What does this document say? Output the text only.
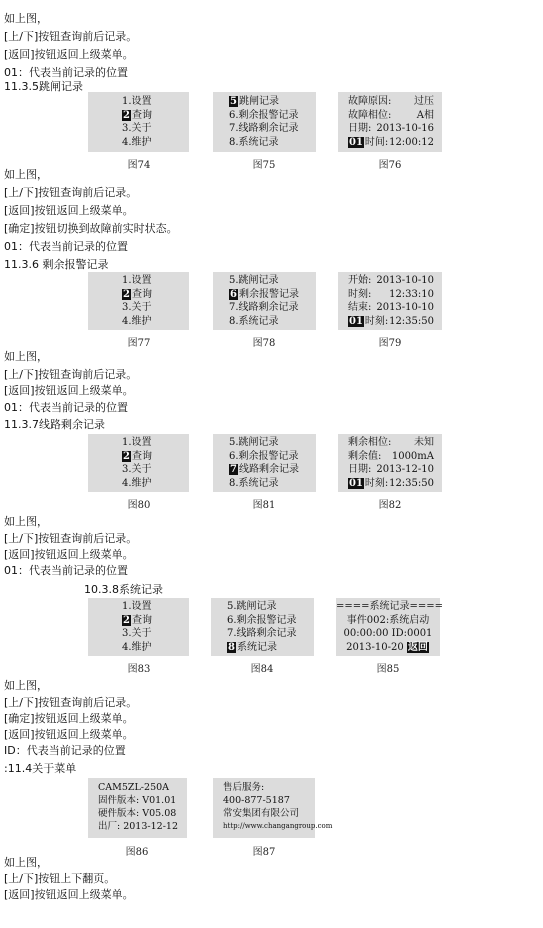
如上图，
[上/下]按钮查询前后记录。
[返回]按钮返回上级菜单。
01：代表当前记录的位置
11.3.5跳闸记录
1.设置
2 查询
3.关于
4.维护
5 跳闸记录
6.剩余报警记录
7.线路剩余记录
8.系统记录
故障原因: 过压
故障相位:	A相
日期: 2013-10-16
01 时间: 12:00:12
图74	图75	图76
如上图，
[上/下]按钮查询前后记录。
[返回]按钮返回上级菜单。
[确定]按钮切换到故障前实时状态。
01：代表当前记录的位置
11.3.6 剩余报警记录
1.设置
2 查询
3.关于
4.维护
5.跳闸记录
6 剩余报警记录
7.线路剩余记录
8.系统记录
开始: 2013-10-10
时刻: 12:33:10
结束: 2013-10-10
01 时刻: 12:35:50
图77	图78	图79
如上图，
[上/下]按钮查询前后记录。
[返回]按钮返回上级菜单。
01：代表当前记录的位置
11.3.7线路剩余记录
1.设置
2 查询
3.关于
4.维护
5.跳闸记录
6.剩余报警记录
7 线路剩余记录
8.系统记录
剩余相位: 未知
剩余值: 1000mA
日期: 2013-12-10
01 时刻: 12:35:50
图80	图81	图82
如上图，
[上/下]按钮查询前后记录。
[返回]按钮返回上级菜单。
01：代表当前记录的位置
10.3.8系统记录
1.设置
2 查询
3.关于
4.维护
5.跳闸记录
6.剩余报警记录
7.线路剩余记录
8 系统记录
====系统记录====
事件002:系统启动
00:00:00 ID:0001
2013-10-20 返回
图83	图84	图85
如上图，
[上/下]按钮查询前后记录。
[确定]按钮返回上级菜单。
[返回]按钮返回上级菜单。
ID：代表当前记录的位置
:11.4关于菜单
CAM5ZL-250A
固件版本: V01.01
硬件版本: V05.08
出厂: 2013-12-12
售后服务:
400-877-5187
常安集团有限公司
http://www.changangroup.com
图86	图87
如上图，
[上/下]按钮上下翻页。
[返回]按钮返回上级菜单。
